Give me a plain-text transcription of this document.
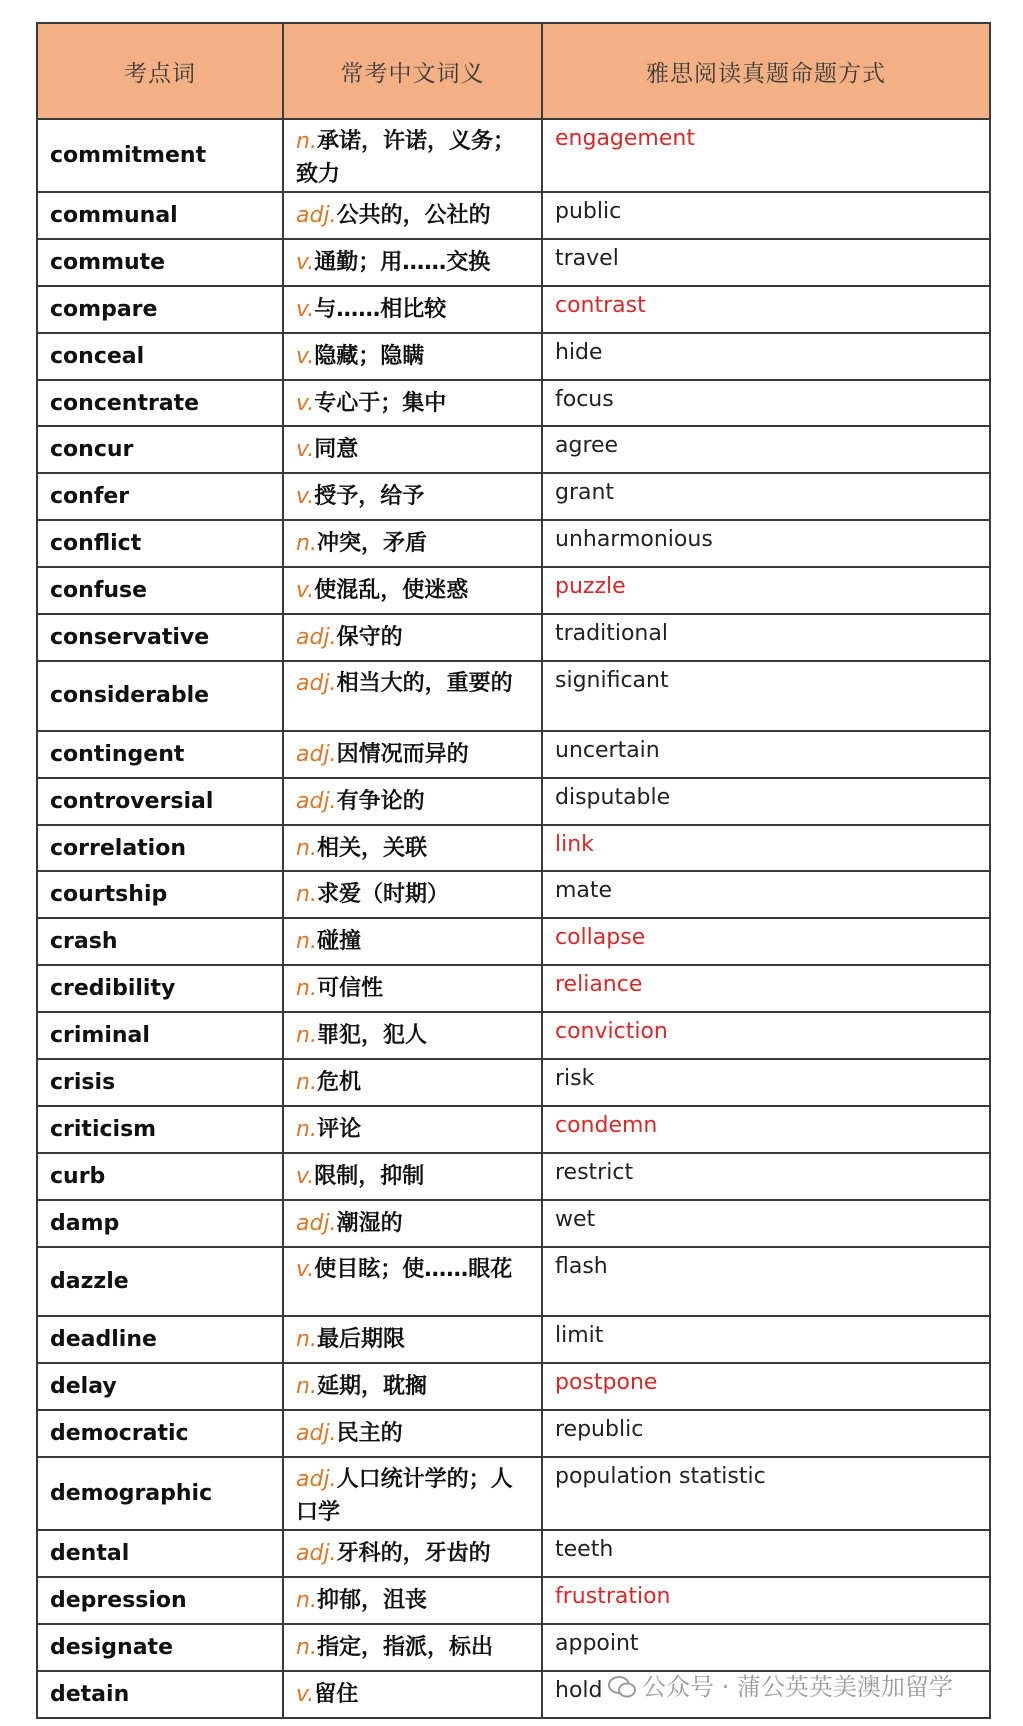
考点词	常考中文词义	雅思阅读真题命题方式
commitment	n.承诺，许诺，义务；致力	engagement
communal	adj.公共的，公社的	public
commute	v.通勤；用……交换	travel
compare	v.与……相比较	contrast
conceal	v.隐藏；隐瞒	hide
concentrate	v.专心于；集中	focus
concur	v.同意	agree
confer	v.授予，给予	grant
conflict	n.冲突，矛盾	unharmonious
confuse	v.使混乱，使迷惑	puzzle
conservative	adj.保守的	traditional
considerable	adj.相当大的，重要的	significant
contingent	adj.因情况而异的	uncertain
controversial	adj.有争论的	disputable
correlation	n.相关，关联	link
courtship	n.求爱（时期）	mate
crash	n.碰撞	collapse
credibility	n.可信性	reliance
criminal	n.罪犯，犯人	conviction
crisis	n.危机	risk
criticism	n.评论	condemn
curb	v.限制，抑制	restrict
damp	adj.潮湿的	wet
dazzle	v.使目眩；使……眼花	flash
deadline	n.最后期限	limit
delay	n.延期，耽搁	postpone
democratic	adj.民主的	republic
demographic	adj.人口统计学的；人口学	population statistic
dental	adj.牙科的，牙齿的	teeth
depression	n.抑郁，沮丧	frustration
designate	n.指定，指派，标出	appoint
detain	v.留住	hold	公众号 · 蒲公英英美澳加留学
